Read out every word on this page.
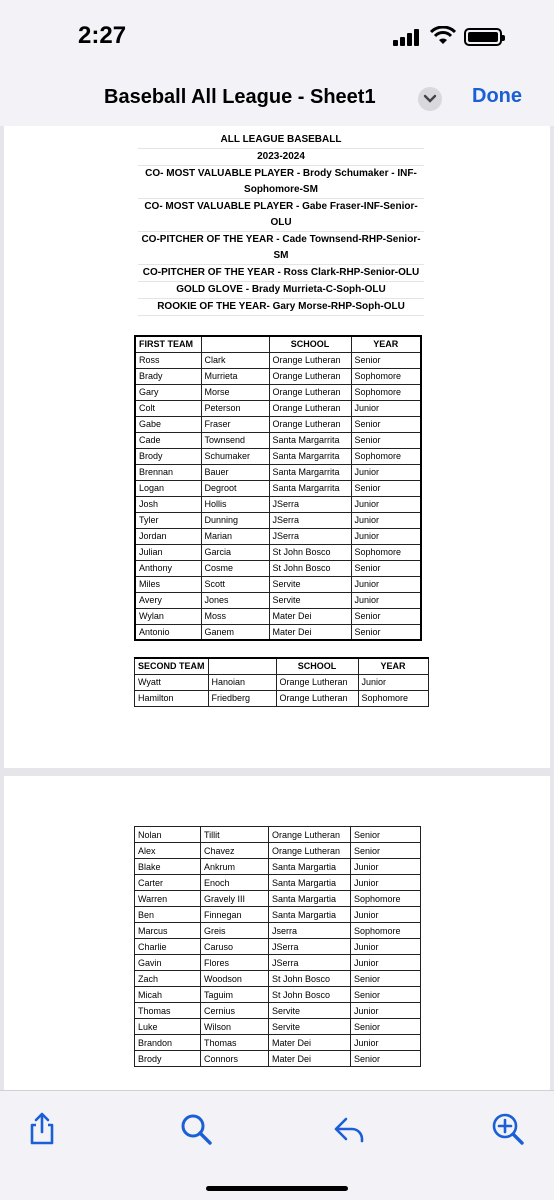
2:27
Baseball All League - Sheet1	Done
ALL LEAGUE BASEBALL
2023-2024
CO- MOST VALUABLE PLAYER - Brody Schumaker - INF-Sophomore-SM
CO- MOST VALUABLE PLAYER - Gabe Fraser-INF-Senior-OLU
CO-PITCHER OF THE YEAR - Cade Townsend-RHP-Senior-SM
CO-PITCHER OF THE YEAR - Ross Clark-RHP-Senior-OLU
GOLD GLOVE - Brady Murrieta-C-Soph-OLU
ROOKIE OF THE YEAR- Gary Morse-RHP-Soph-OLU
FIRST TEAM		SCHOOL	YEAR
Ross	Clark	Orange Lutheran	Senior
Brady	Murrieta	Orange Lutheran	Sophomore
Gary	Morse	Orange Lutheran	Sophomore
Colt	Peterson	Orange Lutheran	Junior
Gabe	Fraser	Orange Lutheran	Senior
Cade	Townsend	Santa Margarrita	Senior
Brody	Schumaker	Santa Margarrita	Sophomore
Brennan	Bauer	Santa Margarrita	Junior
Logan	Degroot	Santa Margarrita	Senior
Josh	Hollis	JSerra	Junior
Tyler	Dunning	JSerra	Junior
Jordan	Marian	JSerra	Junior
Julian	Garcia	St John Bosco	Sophomore
Anthony	Cosme	St John Bosco	Senior
Miles	Scott	Servite	Junior
Avery	Jones	Servite	Junior
Wylan	Moss	Mater Dei	Senior
Antonio	Ganem	Mater Dei	Senior
SECOND TEAM		SCHOOL	YEAR
Wyatt	Hanoian	Orange Lutheran	Junior
Hamilton	Friedberg	Orange Lutheran	Sophomore
Nolan	Tillit	Orange Lutheran	Senior
Alex	Chavez	Orange Lutheran	Senior
Blake	Ankrum	Santa Margartia	Junior
Carter	Enoch	Santa Margartia	Junior
Warren	Gravely III	Santa Margartia	Sophomore
Ben	Finnegan	Santa Margartia	Junior
Marcus	Greis	Jserra	Sophomore
Charlie	Caruso	JSerra	Junior
Gavin	Flores	JSerra	Junior
Zach	Woodson	St John Bosco	Senior
Micah	Taguim	St John Bosco	Senior
Thomas	Cernius	Servite	Junior
Luke	Wilson	Servite	Senior
Brandon	Thomas	Mater Dei	Junior
Brody	Connors	Mater Dei	Senior
